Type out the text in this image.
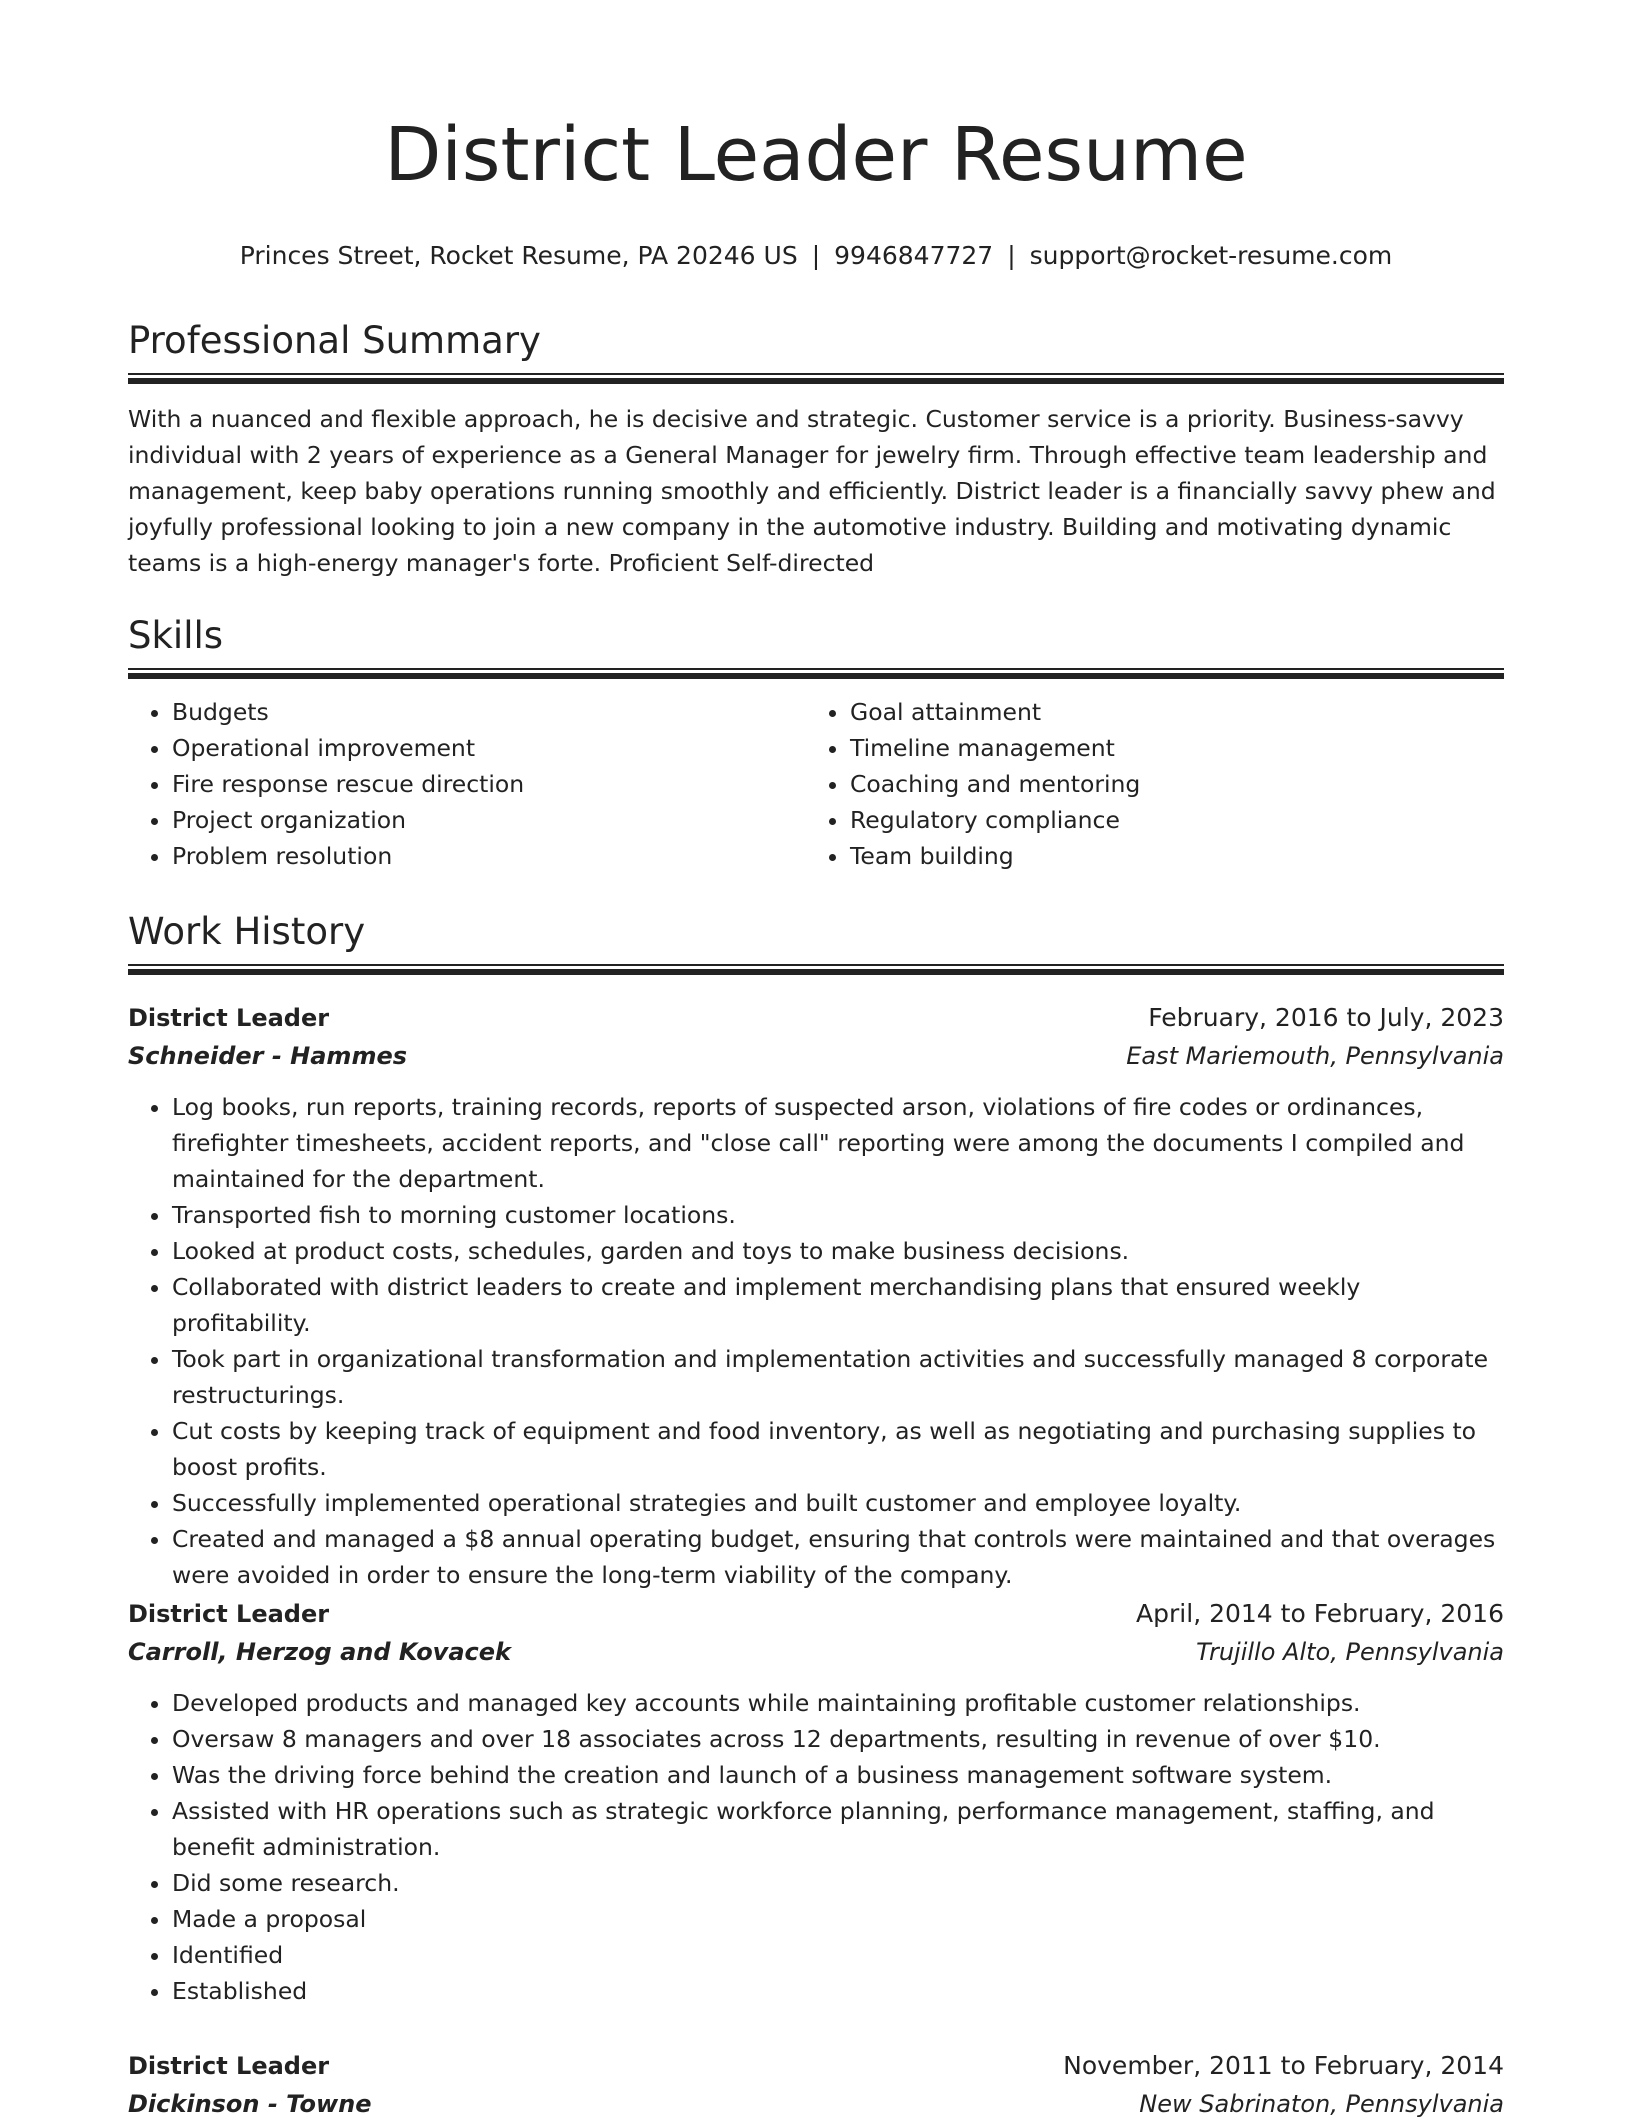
District Leader Resume
Princes Street, Rocket Resume, PA 20246 US | 9946847727 | support@rocket-resume.com
Professional Summary
With a nuanced and flexible approach, he is decisive and strategic. Customer service is a priority. Business-savvy individual with 2 years of experience as a General Manager for jewelry firm. Through effective team leadership and management, keep baby operations running smoothly and efficiently. District leader is a financially savvy phew and joyfully professional looking to join a new company in the automotive industry. Building and motivating dynamic teams is a high-energy manager's forte. Proficient Self-directed
Skills
• Budgets
• Operational improvement
• Fire response rescue direction
• Project organization
• Problem resolution
• Goal attainment
• Timeline management
• Coaching and mentoring
• Regulatory compliance
• Team building
Work History
District Leader	February, 2016 to July, 2023
Schneider - Hammes	East Mariemouth, Pennsylvania
• Log books, run reports, training records, reports of suspected arson, violations of fire codes or ordinances, firefighter timesheets, accident reports, and "close call" reporting were among the documents I compiled and maintained for the department.
• Transported fish to morning customer locations.
• Looked at product costs, schedules, garden and toys to make business decisions.
• Collaborated with district leaders to create and implement merchandising plans that ensured weekly profitability.
• Took part in organizational transformation and implementation activities and successfully managed 8 corporate restructurings.
• Cut costs by keeping track of equipment and food inventory, as well as negotiating and purchasing supplies to boost profits.
• Successfully implemented operational strategies and built customer and employee loyalty.
• Created and managed a $8 annual operating budget, ensuring that controls were maintained and that overages were avoided in order to ensure the long-term viability of the company.
District Leader	April, 2014 to February, 2016
Carroll, Herzog and Kovacek	Trujillo Alto, Pennsylvania
• Developed products and managed key accounts while maintaining profitable customer relationships.
• Oversaw 8 managers and over 18 associates across 12 departments, resulting in revenue of over $10.
• Was the driving force behind the creation and launch of a business management software system.
• Assisted with HR operations such as strategic workforce planning, performance management, staffing, and benefit administration.
• Did some research.
• Made a proposal
• Identified
• Established
District Leader	November, 2011 to February, 2014
Dickinson - Towne	New Sabrinaton, Pennsylvania
